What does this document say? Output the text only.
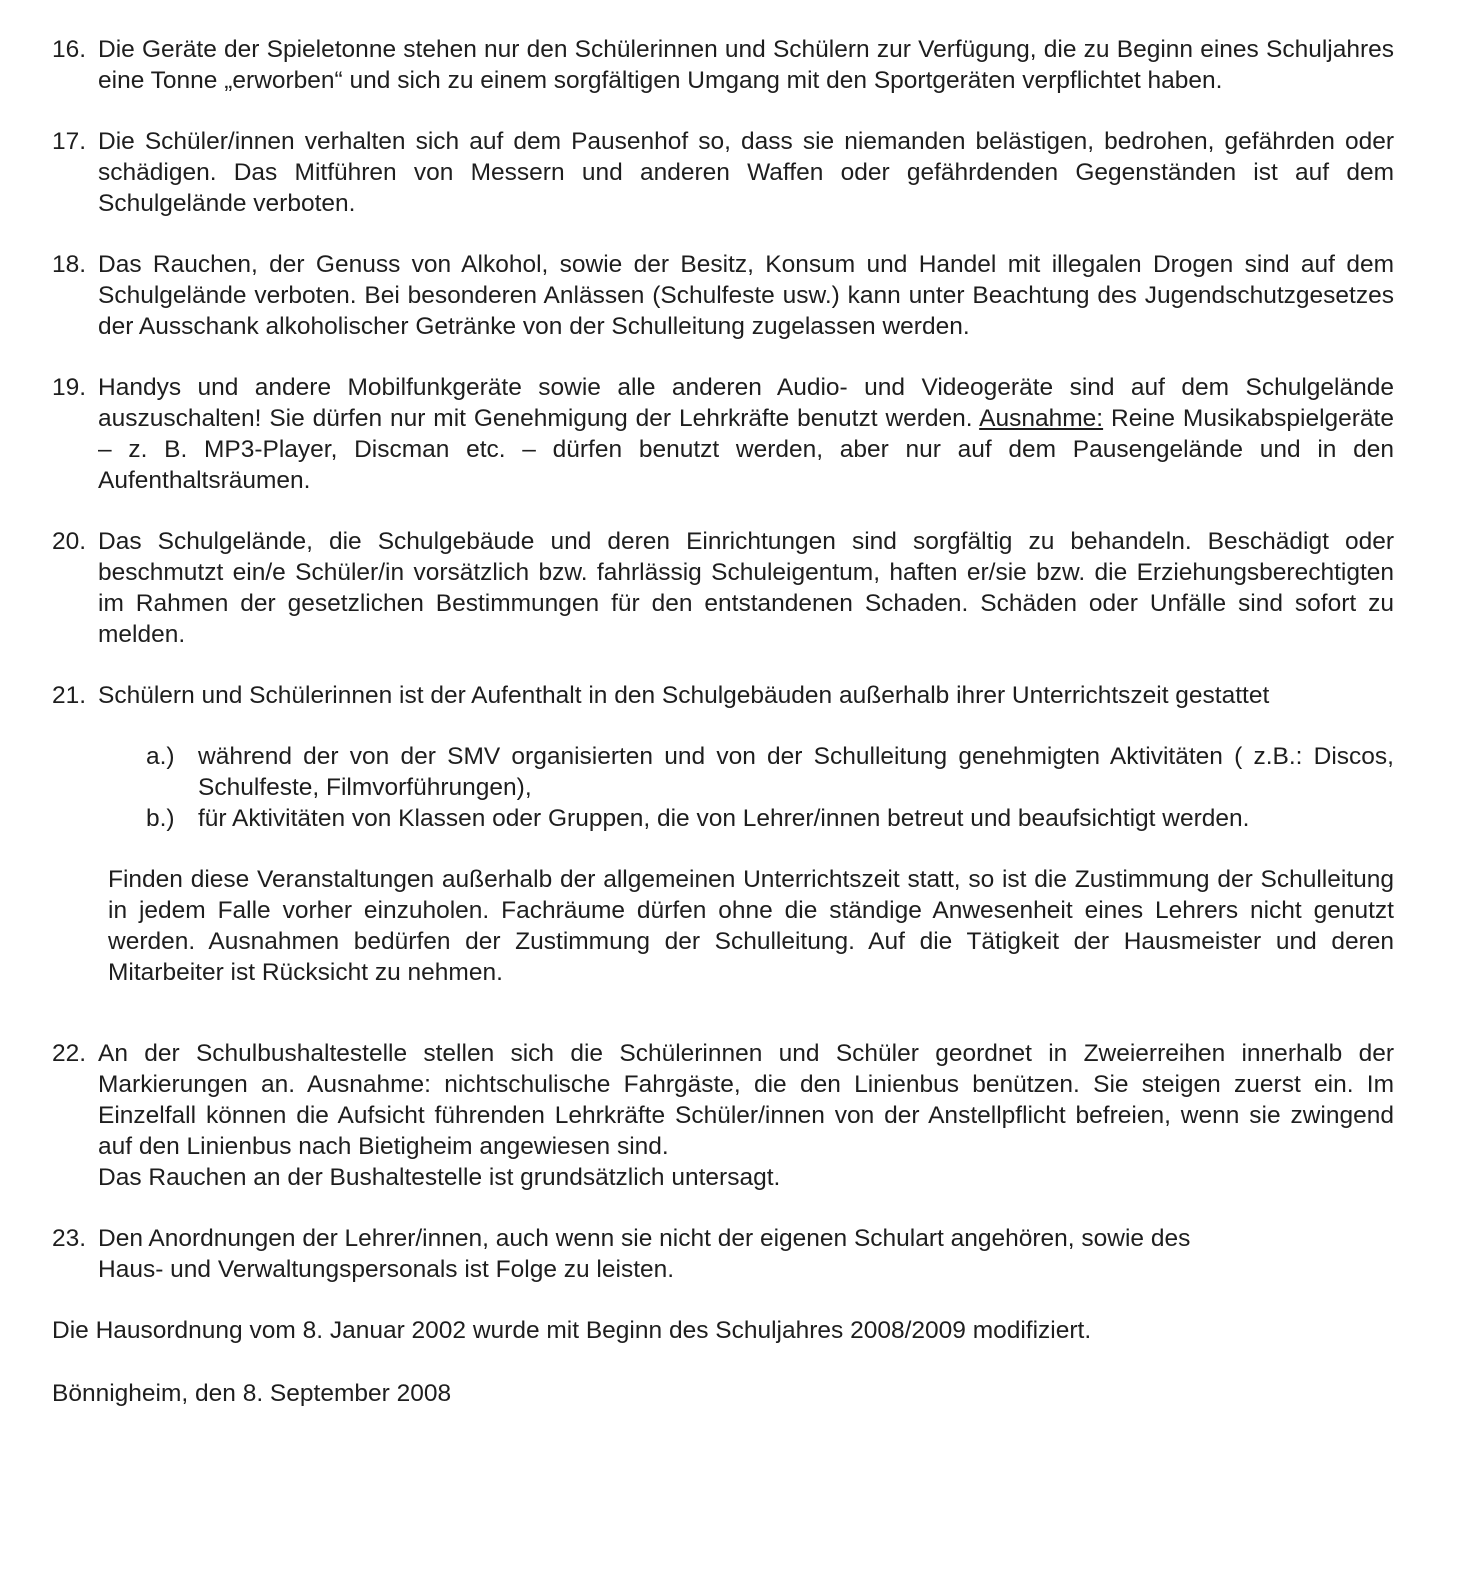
16. Die Geräte der Spieletonne stehen nur den Schülerinnen und Schülern zur Verfügung, die zu Beginn eines Schuljahres eine Tonne „erworben“ und sich zu einem sorgfältigen Umgang mit den Sportgeräten verpflichtet haben.
17. Die Schüler/innen verhalten sich auf dem Pausenhof so, dass sie niemanden belästigen, bedrohen, gefährden oder schädigen. Das Mitführen von Messern und anderen Waffen oder gefährdenden Gegenständen ist auf dem Schulgelände verboten.
18. Das Rauchen, der Genuss von Alkohol, sowie der Besitz, Konsum und Handel mit illegalen Drogen sind auf dem Schulgelände verboten. Bei besonderen Anlässen (Schulfeste usw.) kann unter Beachtung des Jugendschutzgesetzes der Ausschank alkoholischer Getränke von der Schulleitung zugelassen werden.
19. Handys und andere Mobilfunkgeräte sowie alle anderen Audio- und Videogeräte sind auf dem Schulgelände auszuschalten! Sie dürfen nur mit Genehmigung der Lehrkräfte benutzt werden. Ausnahme: Reine Musikabspielgeräte – z. B. MP3-Player, Discman etc. – dürfen benutzt werden, aber nur auf dem Pausengelände und in den Aufenthaltsräumen.
20. Das Schulgelände, die Schulgebäude und deren Einrichtungen sind sorgfältig zu behandeln. Beschädigt oder beschmutzt ein/e Schüler/in vorsätzlich bzw. fahrlässig Schuleigentum, haften er/sie bzw. die Erziehungsberechtigten im Rahmen der gesetzlichen Bestimmungen für den entstandenen Schaden. Schäden oder Unfälle sind sofort zu melden.
21. Schülern und Schülerinnen ist der Aufenthalt in den Schulgebäuden außerhalb ihrer Unterrichtszeit gestattet
a.) während der von der SMV organisierten und von der Schulleitung genehmigten Aktivitäten ( z.B.: Discos, Schulfeste, Filmvorführungen),
b.) für Aktivitäten von Klassen oder Gruppen, die von Lehrer/innen betreut und beaufsichtigt werden.
Finden diese Veranstaltungen außerhalb der allgemeinen Unterrichtszeit statt, so ist die Zustimmung der Schulleitung in jedem Falle vorher einzuholen. Fachräume dürfen ohne die ständige Anwesenheit eines Lehrers nicht genutzt werden. Ausnahmen bedürfen der Zustimmung der Schulleitung. Auf die Tätigkeit der Hausmeister und deren Mitarbeiter ist Rücksicht zu nehmen.
22. An der Schulbushaltestelle stellen sich die Schülerinnen und Schüler geordnet in Zweierreihen innerhalb der Markierungen an. Ausnahme: nichtschulische Fahrgäste, die den Linienbus benützen. Sie steigen zuerst ein. Im Einzelfall können die Aufsicht führenden Lehrkräfte Schüler/innen von der Anstellpflicht befreien, wenn sie zwingend auf den Linienbus nach Bietigheim angewiesen sind.
Das Rauchen an der Bushaltestelle ist grundsätzlich untersagt.
23. Den Anordnungen der Lehrer/innen, auch wenn sie nicht der eigenen Schulart angehören, sowie des
Haus- und Verwaltungspersonals ist Folge zu leisten.
Die Hausordnung vom 8. Januar 2002 wurde mit Beginn des Schuljahres 2008/2009 modifiziert.
Bönnigheim, den 8. September 2008
